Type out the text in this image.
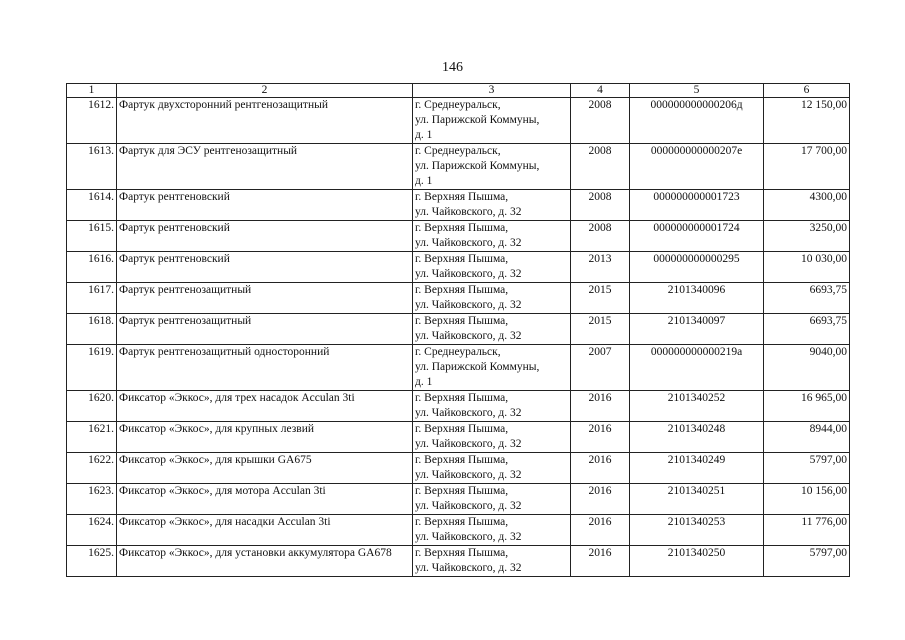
146
1	2	3	4	5	6
1612.	Фартук двухсторонний рентгенозащитный	г. Среднеуральск,
ул. Парижской Коммуны,
д. 1	2008	000000000000206д	12 150,00
1613.	Фартук для ЭСУ рентгенозащитный	г. Среднеуральск,
ул. Парижской Коммуны,
д. 1	2008	000000000000207е	17 700,00
1614.	Фартук рентгеновский	г. Верхняя Пышма,
ул. Чайковского, д. 32	2008	000000000001723	4300,00
1615.	Фартук рентгеновский	г. Верхняя Пышма,
ул. Чайковского, д. 32	2008	000000000001724	3250,00
1616.	Фартук рентгеновский	г. Верхняя Пышма,
ул. Чайковского, д. 32	2013	000000000000295	10 030,00
1617.	Фартук рентгенозащитный	г. Верхняя Пышма,
ул. Чайковского, д. 32	2015	2101340096	6693,75
1618.	Фартук рентгенозащитный	г. Верхняя Пышма,
ул. Чайковского, д. 32	2015	2101340097	6693,75
1619.	Фартук рентгенозащитный односторонний	г. Среднеуральск,
ул. Парижской Коммуны,
д. 1	2007	000000000000219а	9040,00
1620.	Фиксатор «Эккос», для трех насадок Acculan 3ti	г. Верхняя Пышма,
ул. Чайковского, д. 32	2016	2101340252	16 965,00
1621.	Фиксатор «Эккос», для крупных лезвий	г. Верхняя Пышма,
ул. Чайковского, д. 32	2016	2101340248	8944,00
1622.	Фиксатор «Эккос», для крышки GA675	г. Верхняя Пышма,
ул. Чайковского, д. 32	2016	2101340249	5797,00
1623.	Фиксатор «Эккос», для мотора Acculan 3ti	г. Верхняя Пышма,
ул. Чайковского, д. 32	2016	2101340251	10 156,00
1624.	Фиксатор «Эккос», для насадки Acculan 3ti	г. Верхняя Пышма,
ул. Чайковского, д. 32	2016	2101340253	11 776,00
1625.	Фиксатор «Эккос», для установки аккумулятора GA678	г. Верхняя Пышма,
ул. Чайковского, д. 32	2016	2101340250	5797,00
